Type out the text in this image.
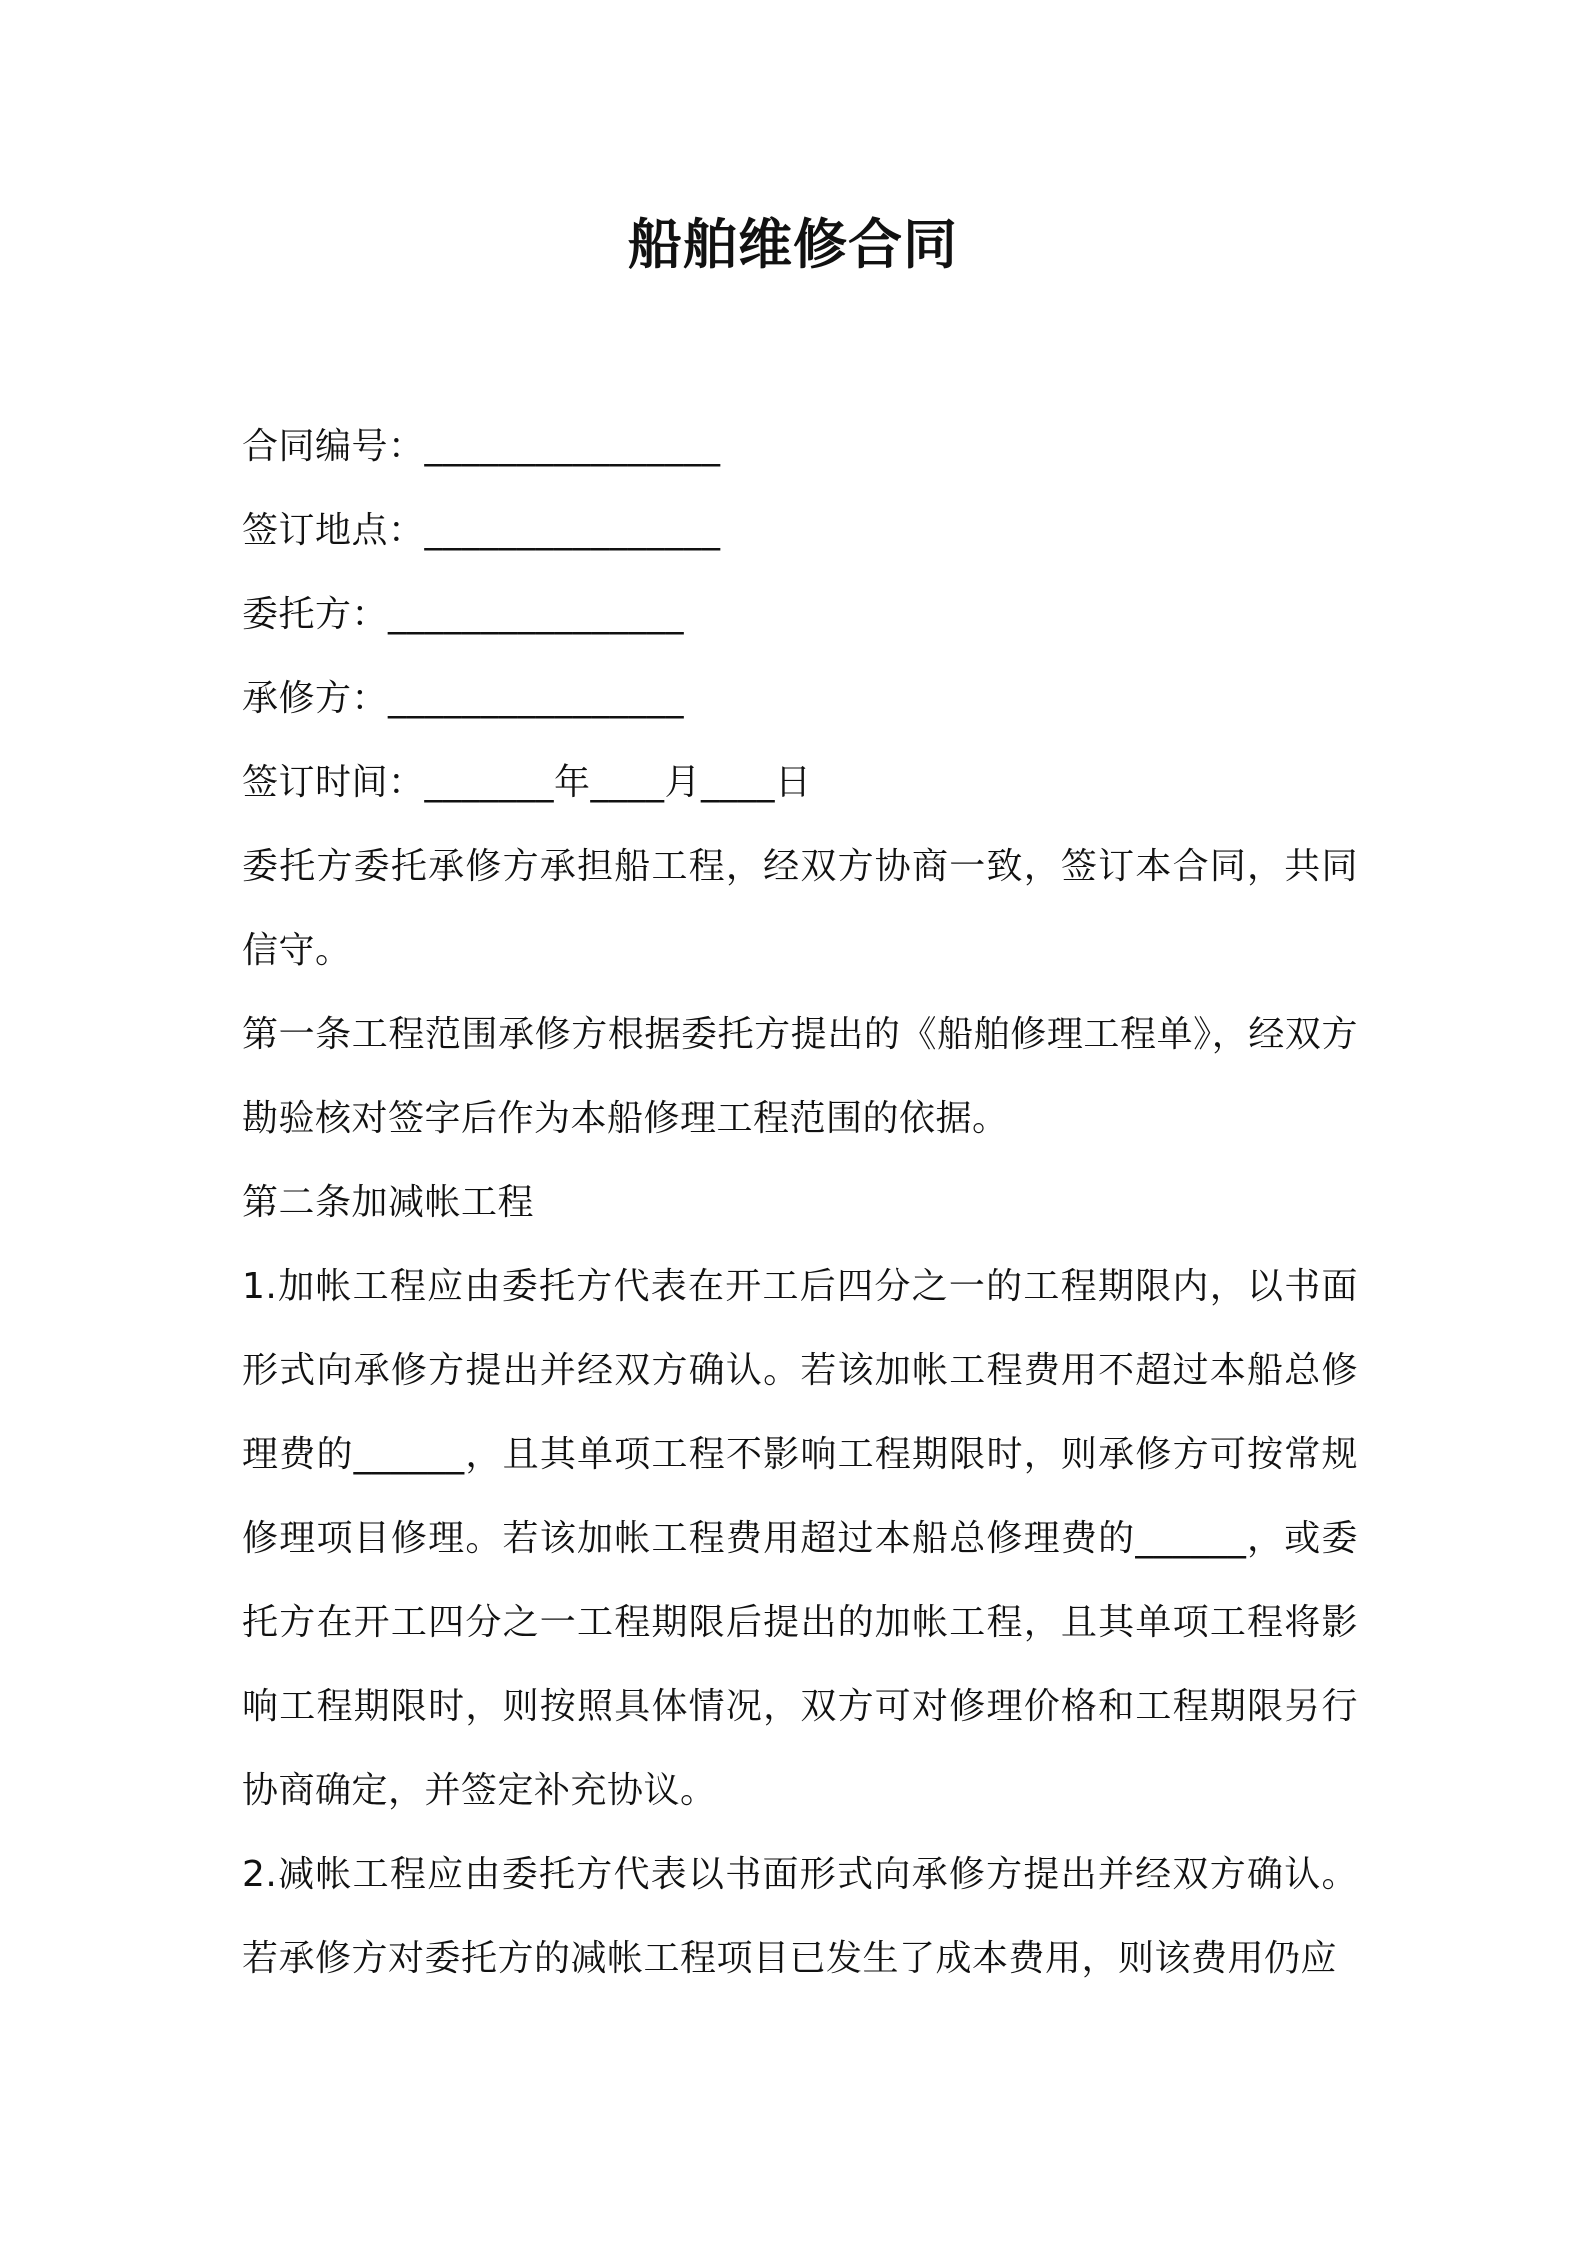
船舶维修合同
合同编号：________________
签订地点：________________
委托方：________________
承修方：________________
签订时间：_______年____月____日
委托方委托承修方承担船工程，经双方协商一致，签订本合同，共同信守。
第一条工程范围承修方根据委托方提出的《船舶修理工程单》，经双方勘验核对签字后作为本船修理工程范围的依据。
第二条加减帐工程
1.加帐工程应由委托方代表在开工后四分之一的工程期限内，以书面形式向承修方提出并经双方确认。若该加帐工程费用不超过本船总修理费的______，且其单项工程不影响工程期限时，则承修方可按常规修理项目修理。若该加帐工程费用超过本船总修理费的______，或委托方在开工四分之一工程期限后提出的加帐工程，且其单项工程将影响工程期限时，则按照具体情况，双方可对修理价格和工程期限另行协商确定，并签定补充协议。
2.减帐工程应由委托方代表以书面形式向承修方提出并经双方确认。若承修方对委托方的减帐工程项目已发生了成本费用，则该费用仍应
